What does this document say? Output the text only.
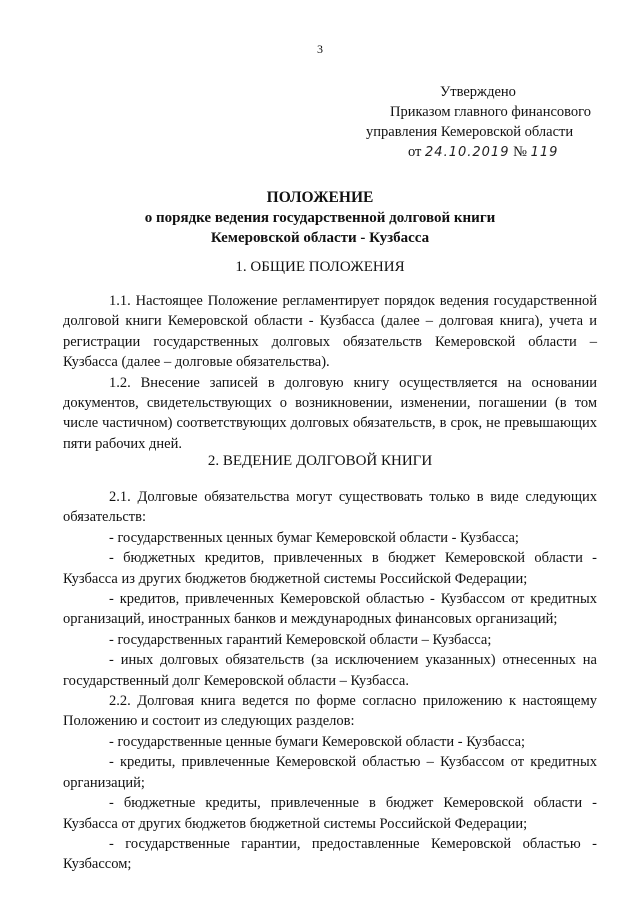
3
Утверждено
Приказом главного финансового
управления Кемеровской области
от 24.10.2019 № 119
ПОЛОЖЕНИЕ
о порядке ведения государственной долговой книги
Кемеровской области - Кузбасса
1. ОБЩИЕ ПОЛОЖЕНИЯ

1.1. Настоящее Положение регламентирует порядок ведения государственной долговой книги Кемеровской области - Кузбасса (далее – долговая книга), учета и регистрации государственных долговых обязательств Кемеровской области – Кузбасса (далее – долговые обязательства).

1.2. Внесение записей в долговую книгу осуществляется на основании документов, свидетельствующих о возникновении, изменении, погашении (в том числе частичном) соответствующих долговых обязательств, в срок, не превышающих пяти рабочих дней.

2. ВЕДЕНИЕ ДОЛГОВОЙ КНИГИ

2.1. Долговые обязательства могут существовать только в виде следующих обязательств:

- государственных ценных бумаг Кемеровской области - Кузбасса;

- бюджетных кредитов, привлеченных в бюджет Кемеровской области - Кузбасса из других бюджетов бюджетной системы Российской Федерации;

- кредитов, привлеченных Кемеровской областью - Кузбассом от кредитных организаций, иностранных банков и международных финансовых организаций;

- государственных гарантий Кемеровской области – Кузбасса;

- иных долговых обязательств (за исключением указанных) отнесенных на государственный долг Кемеровской области – Кузбасса.

2.2. Долговая книга ведется по форме согласно приложению к настоящему Положению и состоит из следующих разделов:

- государственные ценные бумаги Кемеровской области - Кузбасса;

- кредиты, привлеченные Кемеровской областью – Кузбассом от кредитных организаций;

- бюджетные кредиты, привлеченные в бюджет Кемеровской области - Кузбасса от других бюджетов бюджетной системы Российской Федерации;

- государственные гарантии, предоставленные Кемеровской областью - Кузбассом;
